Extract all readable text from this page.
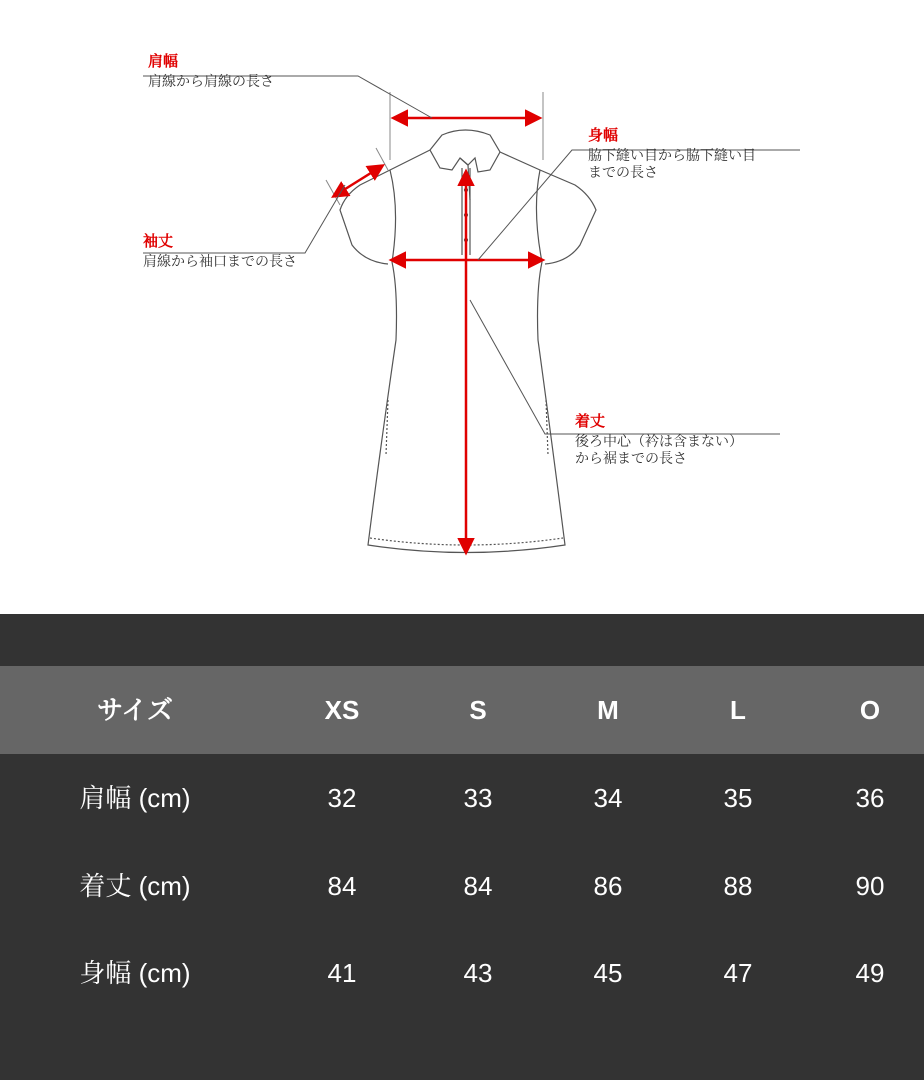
肩幅
肩線から肩線の長さ
身幅
脇下縫い目から脇下縫い目
までの長さ
袖丈
肩線から袖口までの長さ
着丈
後ろ中心（衿は含まない）
から裾までの長さ
サイズ	XS	S	M	L	O
肩幅 (cm)	32	33	34	35	36
着丈 (cm)	84	84	86	88	90
身幅 (cm)	41	43	45	47	49
